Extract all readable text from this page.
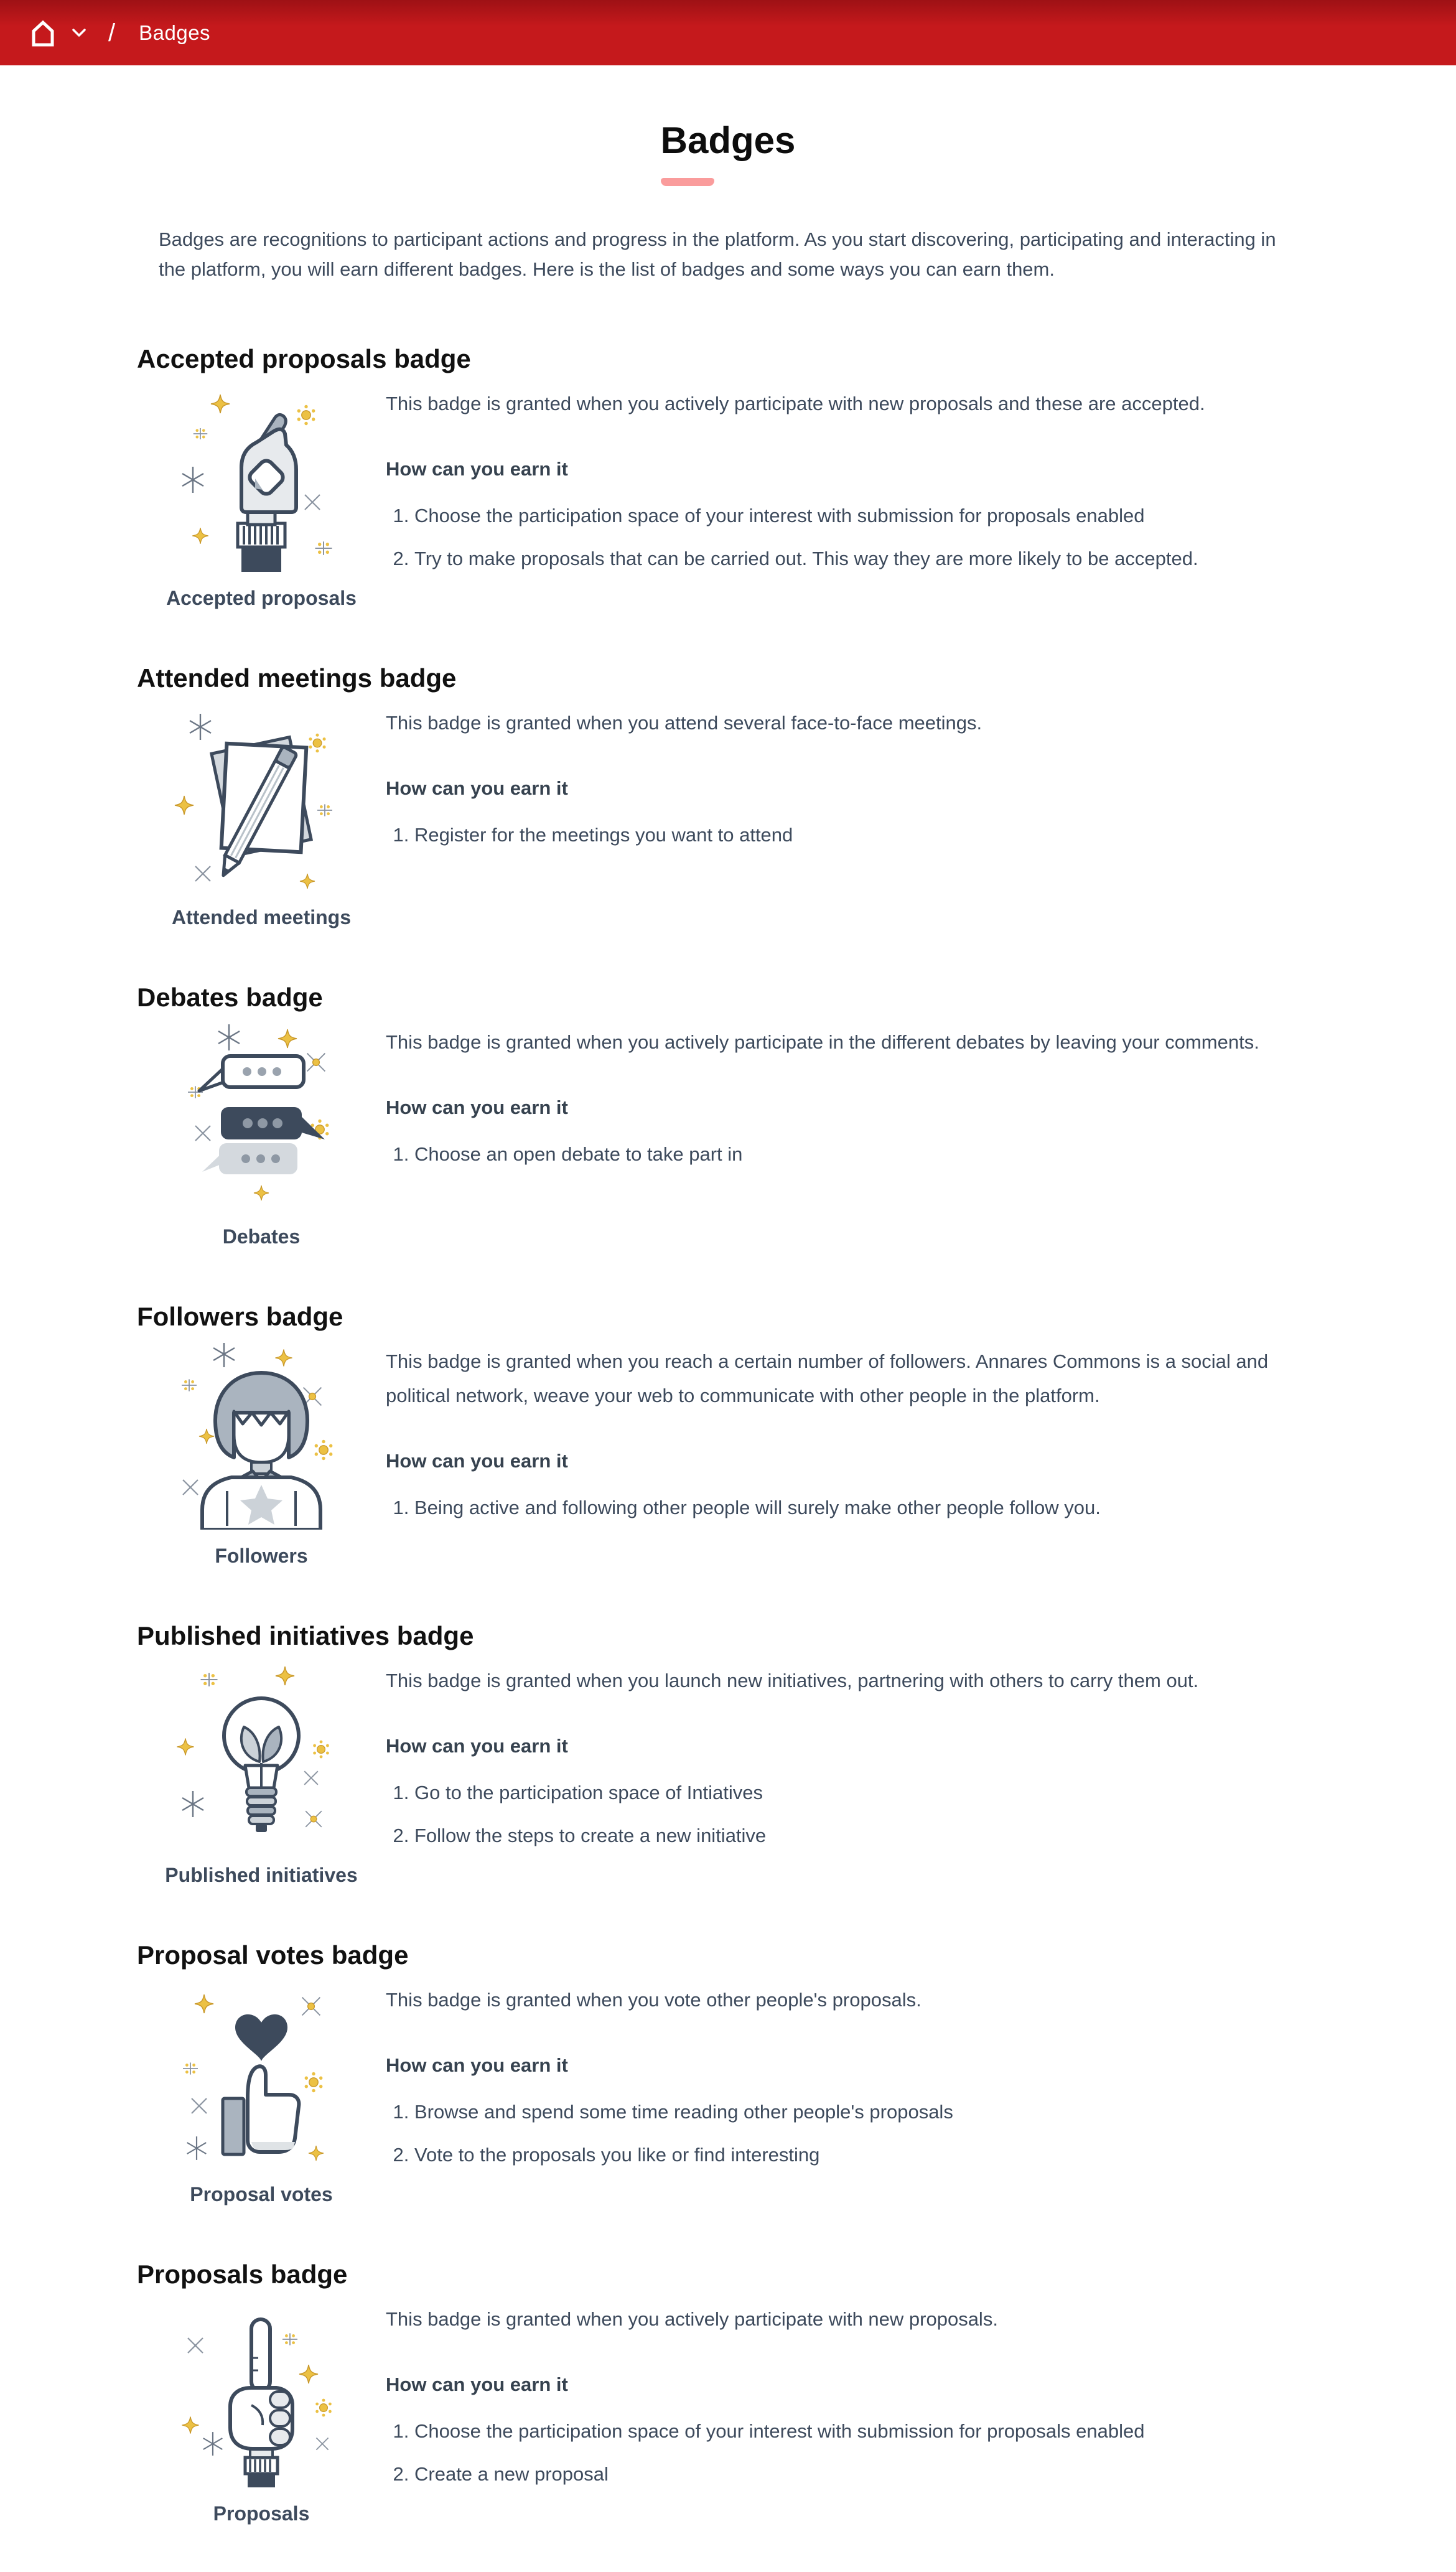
/ Badges
Badges

Badges are recognitions to participant actions and progress in the platform. As you start discovering, participating and interacting in the platform, you will earn different badges. Here is the list of badges and some ways you can earn them.

Accepted proposals badge
Accepted proposals

This badge is granted when you actively participate with new proposals and these are accepted.

How can you earn it

1. Choose the participation space of your interest with submission for proposals enabled
2. Try to make proposals that can be carried out. This way they are more likely to be accepted.
Attended meetings badge
Attended meetings

This badge is granted when you attend several face-to-face meetings.

How can you earn it

1. Register for the meetings you want to attend
Debates badge
Debates

This badge is granted when you actively participate in the different debates by leaving your comments.

How can you earn it

1. Choose an open debate to take part in
Followers badge
Followers

This badge is granted when you reach a certain number of followers. Annares Commons is a social and political network, weave your web to communicate with other people in the platform.

How can you earn it

1. Being active and following other people will surely make other people follow you.
Published initiatives badge
Published initiatives

This badge is granted when you launch new initiatives, partnering with others to carry them out.

How can you earn it

1. Go to the participation space of Intiatives
2. Follow the steps to create a new initiative
Proposal votes badge
Proposal votes

This badge is granted when you vote other people's proposals.

How can you earn it

1. Browse and spend some time reading other people's proposals
2. Vote to the proposals you like or find interesting
Proposals badge
Proposals

This badge is granted when you actively participate with new proposals.

How can you earn it

1. Choose the participation space of your interest with submission for proposals enabled
2. Create a new proposal
